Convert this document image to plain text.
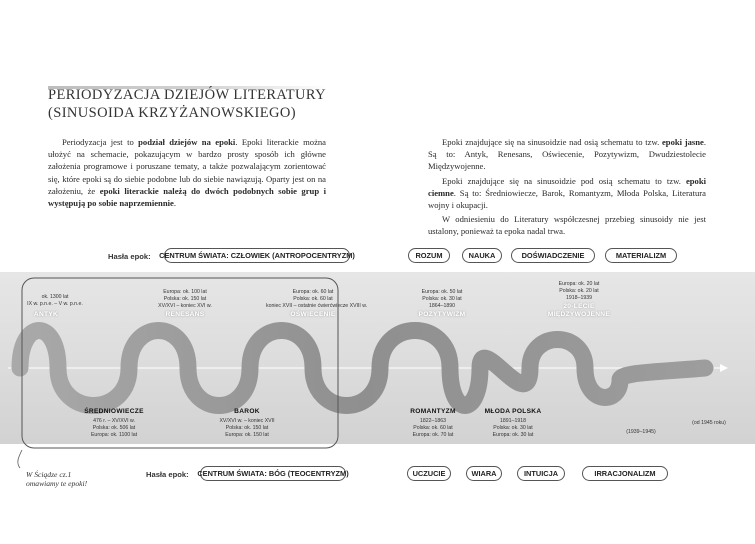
PERIODYZACJA DZIEJÓW LITERATURY
(SINUSOIDA KRZYŻANOWSKIEGO)

Periodyzacja jest to podział dziejów na epoki. Epoki literackie można ułożyć na schemacie, pokazującym w bardzo prosty sposób ich główne założenia programowe i poruszane tematy, a także pozwalającym zorientować się, które epoki są do siebie podobne lub do siebie nawiązują. Oparty jest on na założeniu, że epoki literackie należą do dwóch podobnych sobie grup i występują po sobie naprzemiennie.

Epoki znajdujące się na sinusoidzie nad osią schematu to tzw. epoki jasne. Są to: Antyk, Renesans, Oświecenie, Pozytywizm, Dwudziestolecie Międzywojenne.

Epoki znajdujące się na sinusoidzie pod osią schematu to tzw. epoki ciemne. Są to: Średniowiecze, Barok, Romantyzm, Młoda Polska, Literatura wojny i okupacji.

W odniesieniu do Literatury współczesnej przebieg sinusoidy nie jest ustalony, ponieważ ta epoka nadal trwa.

Hasła epok: CENTRUM ŚWIATA: CZŁOWIEK (ANTROPOCENTRYZM)	ROZUM	NAUKA	DOŚWIADCZENIE	MATERIALIZM
Hasła epok: CENTRUM ŚWIATA: BÓG (TEOCENTRYZM)	UCZUCIE	WIARA	INTUICJA	IRRACJONALIZM
ok. 1300 lat
IX w. p.n.e. – V w. p.n.e.
ANTYK
Europa: ok. 100 lat
Polska: ok. 150 lat
XV/XVI – koniec XVI w.
RENESANS
Europa: ok. 60 lat
Polska: ok. 60 lat
koniec XVII – ostatnie ćwierćwiecze XVIII w.
OŚWIECENIE
Europa: ok. 50 lat
Polska: ok. 30 lat
1864–1890
POZYTYWIZM
Europa: ok. 20 lat
Polska: ok. 20 lat
1918–1939
20-LECIE
MIĘDZYWOJENNE
ŚREDNIOWIECZE
476 r. – XV/XVI w.
Polska: ok. 506 lat
Europa: ok. 1100 lat
BAROK
XV/XVI w. – koniec XVII
Polska: ok. 150 lat
Europa: ok. 150 lat
ROMANTYZM
1822–1863
Polska: ok. 60 lat
Europa: ok. 70 lat
MŁODA POLSKA
1891–1918
Polska: ok. 30 lat
Europa: ok. 30 lat	(1939–1945)
(od 1945 roku)
W Ściądze cz.1 omawiamy te epoki!
